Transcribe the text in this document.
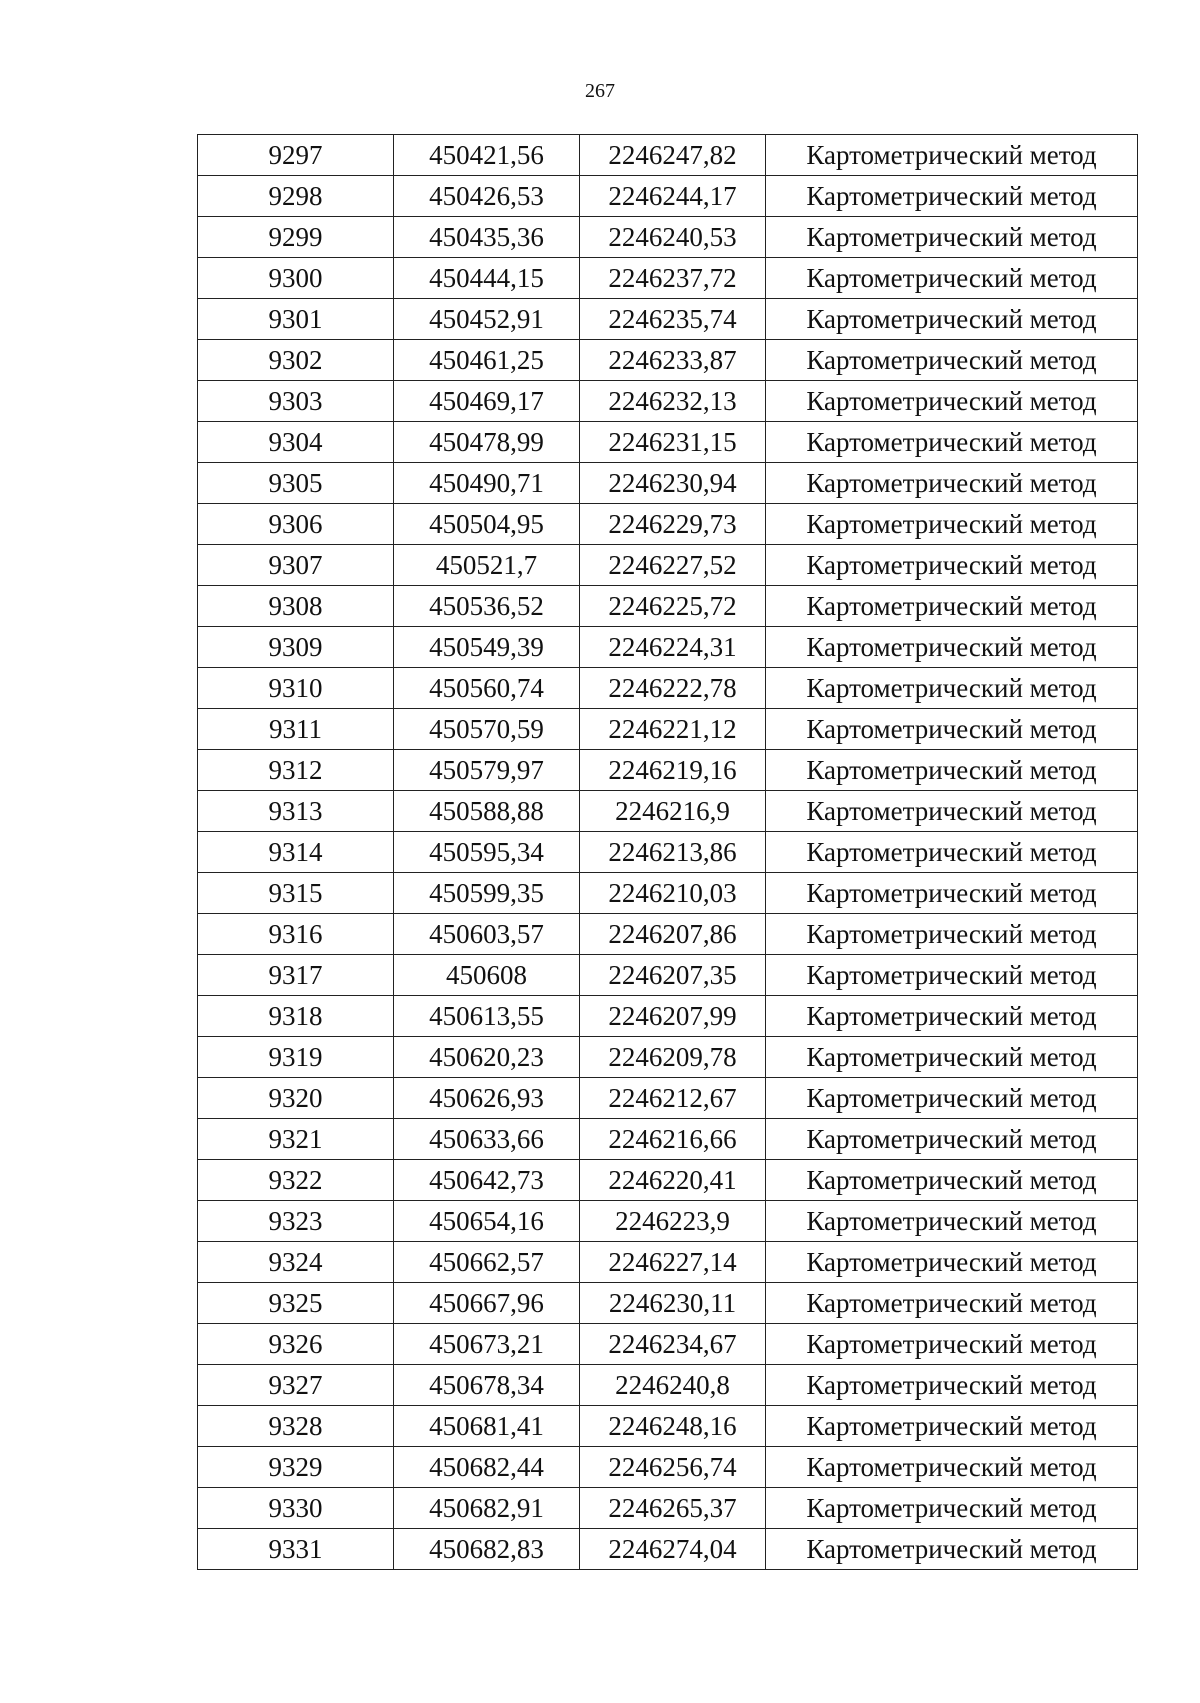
267
9297	450421,56	2246247,82	Картометрический метод
9298	450426,53	2246244,17	Картометрический метод
9299	450435,36	2246240,53	Картометрический метод
9300	450444,15	2246237,72	Картометрический метод
9301	450452,91	2246235,74	Картометрический метод
9302	450461,25	2246233,87	Картометрический метод
9303	450469,17	2246232,13	Картометрический метод
9304	450478,99	2246231,15	Картометрический метод
9305	450490,71	2246230,94	Картометрический метод
9306	450504,95	2246229,73	Картометрический метод
9307	450521,7	2246227,52	Картометрический метод
9308	450536,52	2246225,72	Картометрический метод
9309	450549,39	2246224,31	Картометрический метод
9310	450560,74	2246222,78	Картометрический метод
9311	450570,59	2246221,12	Картометрический метод
9312	450579,97	2246219,16	Картометрический метод
9313	450588,88	2246216,9	Картометрический метод
9314	450595,34	2246213,86	Картометрический метод
9315	450599,35	2246210,03	Картометрический метод
9316	450603,57	2246207,86	Картометрический метод
9317	450608	2246207,35	Картометрический метод
9318	450613,55	2246207,99	Картометрический метод
9319	450620,23	2246209,78	Картометрический метод
9320	450626,93	2246212,67	Картометрический метод
9321	450633,66	2246216,66	Картометрический метод
9322	450642,73	2246220,41	Картометрический метод
9323	450654,16	2246223,9	Картометрический метод
9324	450662,57	2246227,14	Картометрический метод
9325	450667,96	2246230,11	Картометрический метод
9326	450673,21	2246234,67	Картометрический метод
9327	450678,34	2246240,8	Картометрический метод
9328	450681,41	2246248,16	Картометрический метод
9329	450682,44	2246256,74	Картометрический метод
9330	450682,91	2246265,37	Картометрический метод
9331	450682,83	2246274,04	Картометрический метод
